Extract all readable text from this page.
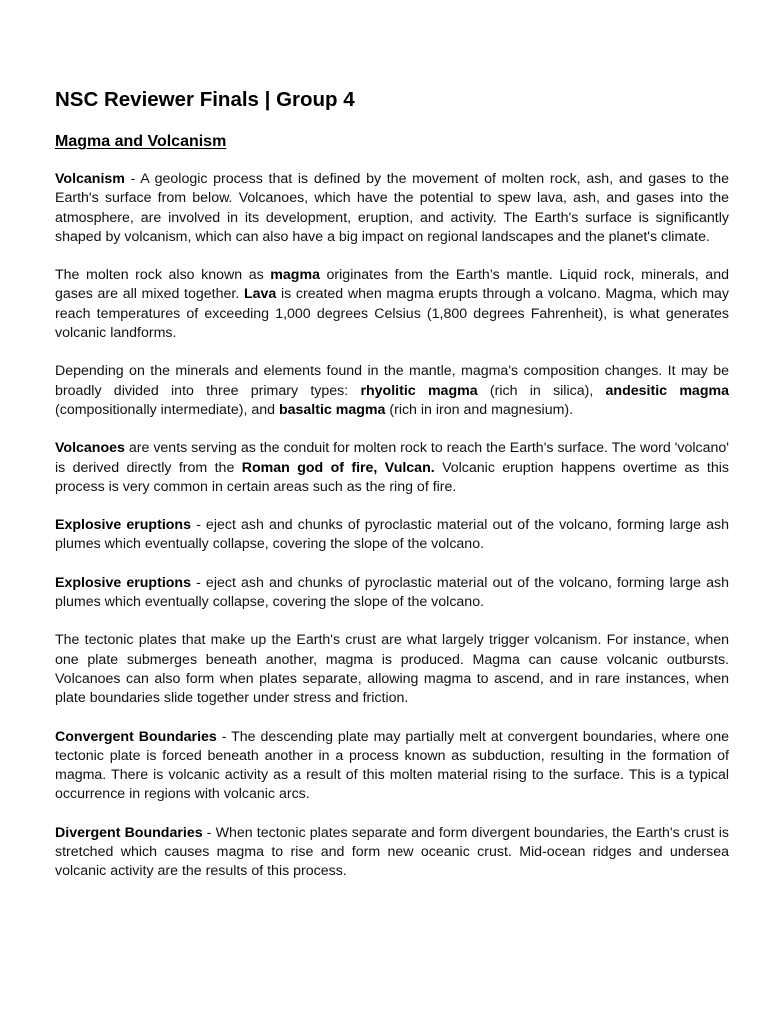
NSC Reviewer Finals | Group 4
Magma and Volcanism

Volcanism - A geologic process that is defined by the movement of molten rock, ash, and gases to the Earth's surface from below. Volcanoes, which have the potential to spew lava, ash, and gases into the atmosphere, are involved in its development, eruption, and activity. The Earth's surface is significantly shaped by volcanism, which can also have a big impact on regional landscapes and the planet's climate.

The molten rock also known as magma originates from the Earth’s mantle. Liquid rock, minerals, and gases are all mixed together. Lava is created when magma erupts through a volcano. Magma, which may reach temperatures of exceeding 1,000 degrees Celsius (1,800 degrees Fahrenheit), is what generates volcanic landforms.

Depending on the minerals and elements found in the mantle, magma's composition changes. It may be broadly divided into three primary types: rhyolitic magma (rich in silica), andesitic magma (compositionally intermediate), and basaltic magma (rich in iron and magnesium).

Volcanoes are vents serving as the conduit for molten rock to reach the Earth's surface. The word 'volcano' is derived directly from the Roman god of fire, Vulcan. Volcanic eruption happens overtime as this process is very common in certain areas such as the ring of fire.

Explosive eruptions - eject ash and chunks of pyroclastic material out of the volcano, forming large ash plumes which eventually collapse, covering the slope of the volcano.

Explosive eruptions - eject ash and chunks of pyroclastic material out of the volcano, forming large ash plumes which eventually collapse, covering the slope of the volcano.

The tectonic plates that make up the Earth's crust are what largely trigger volcanism. For instance, when one plate submerges beneath another, magma is produced. Magma can cause volcanic outbursts. Volcanoes can also form when plates separate, allowing magma to ascend, and in rare instances, when plate boundaries slide together under stress and friction.

Convergent Boundaries - The descending plate may partially melt at convergent boundaries, where one tectonic plate is forced beneath another in a process known as subduction, resulting in the formation of magma. There is volcanic activity as a result of this molten material rising to the surface. This is a typical occurrence in regions with volcanic arcs.

Divergent Boundaries - When tectonic plates separate and form divergent boundaries, the Earth's crust is stretched which causes magma to rise and form new oceanic crust. Mid-ocean ridges and undersea volcanic activity are the results of this process.
